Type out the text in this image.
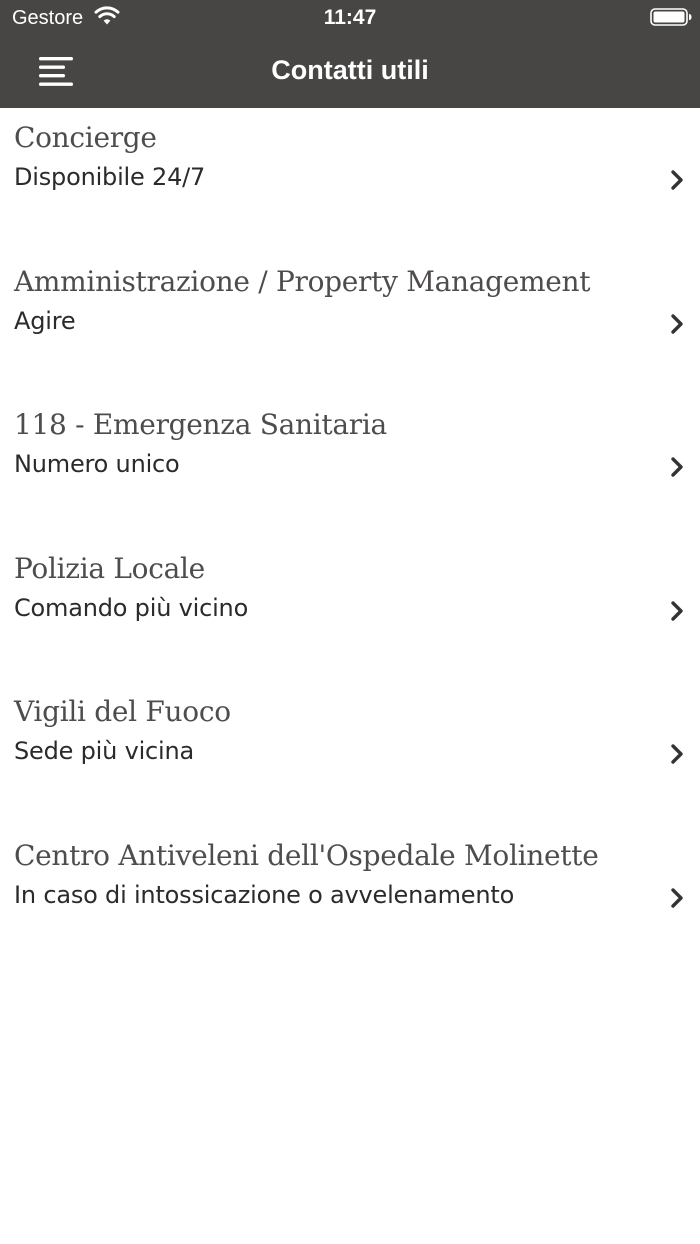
Gestore	11:47
Contatti utili
Concierge
Disponibile 24/7
Amministrazione / Property Management
Agire
118 - Emergenza Sanitaria
Numero unico
Polizia Locale
Comando più vicino
Vigili del Fuoco
Sede più vicina
Centro Antiveleni dell'Ospedale Molinette
In caso di intossicazione o avvelenamento
